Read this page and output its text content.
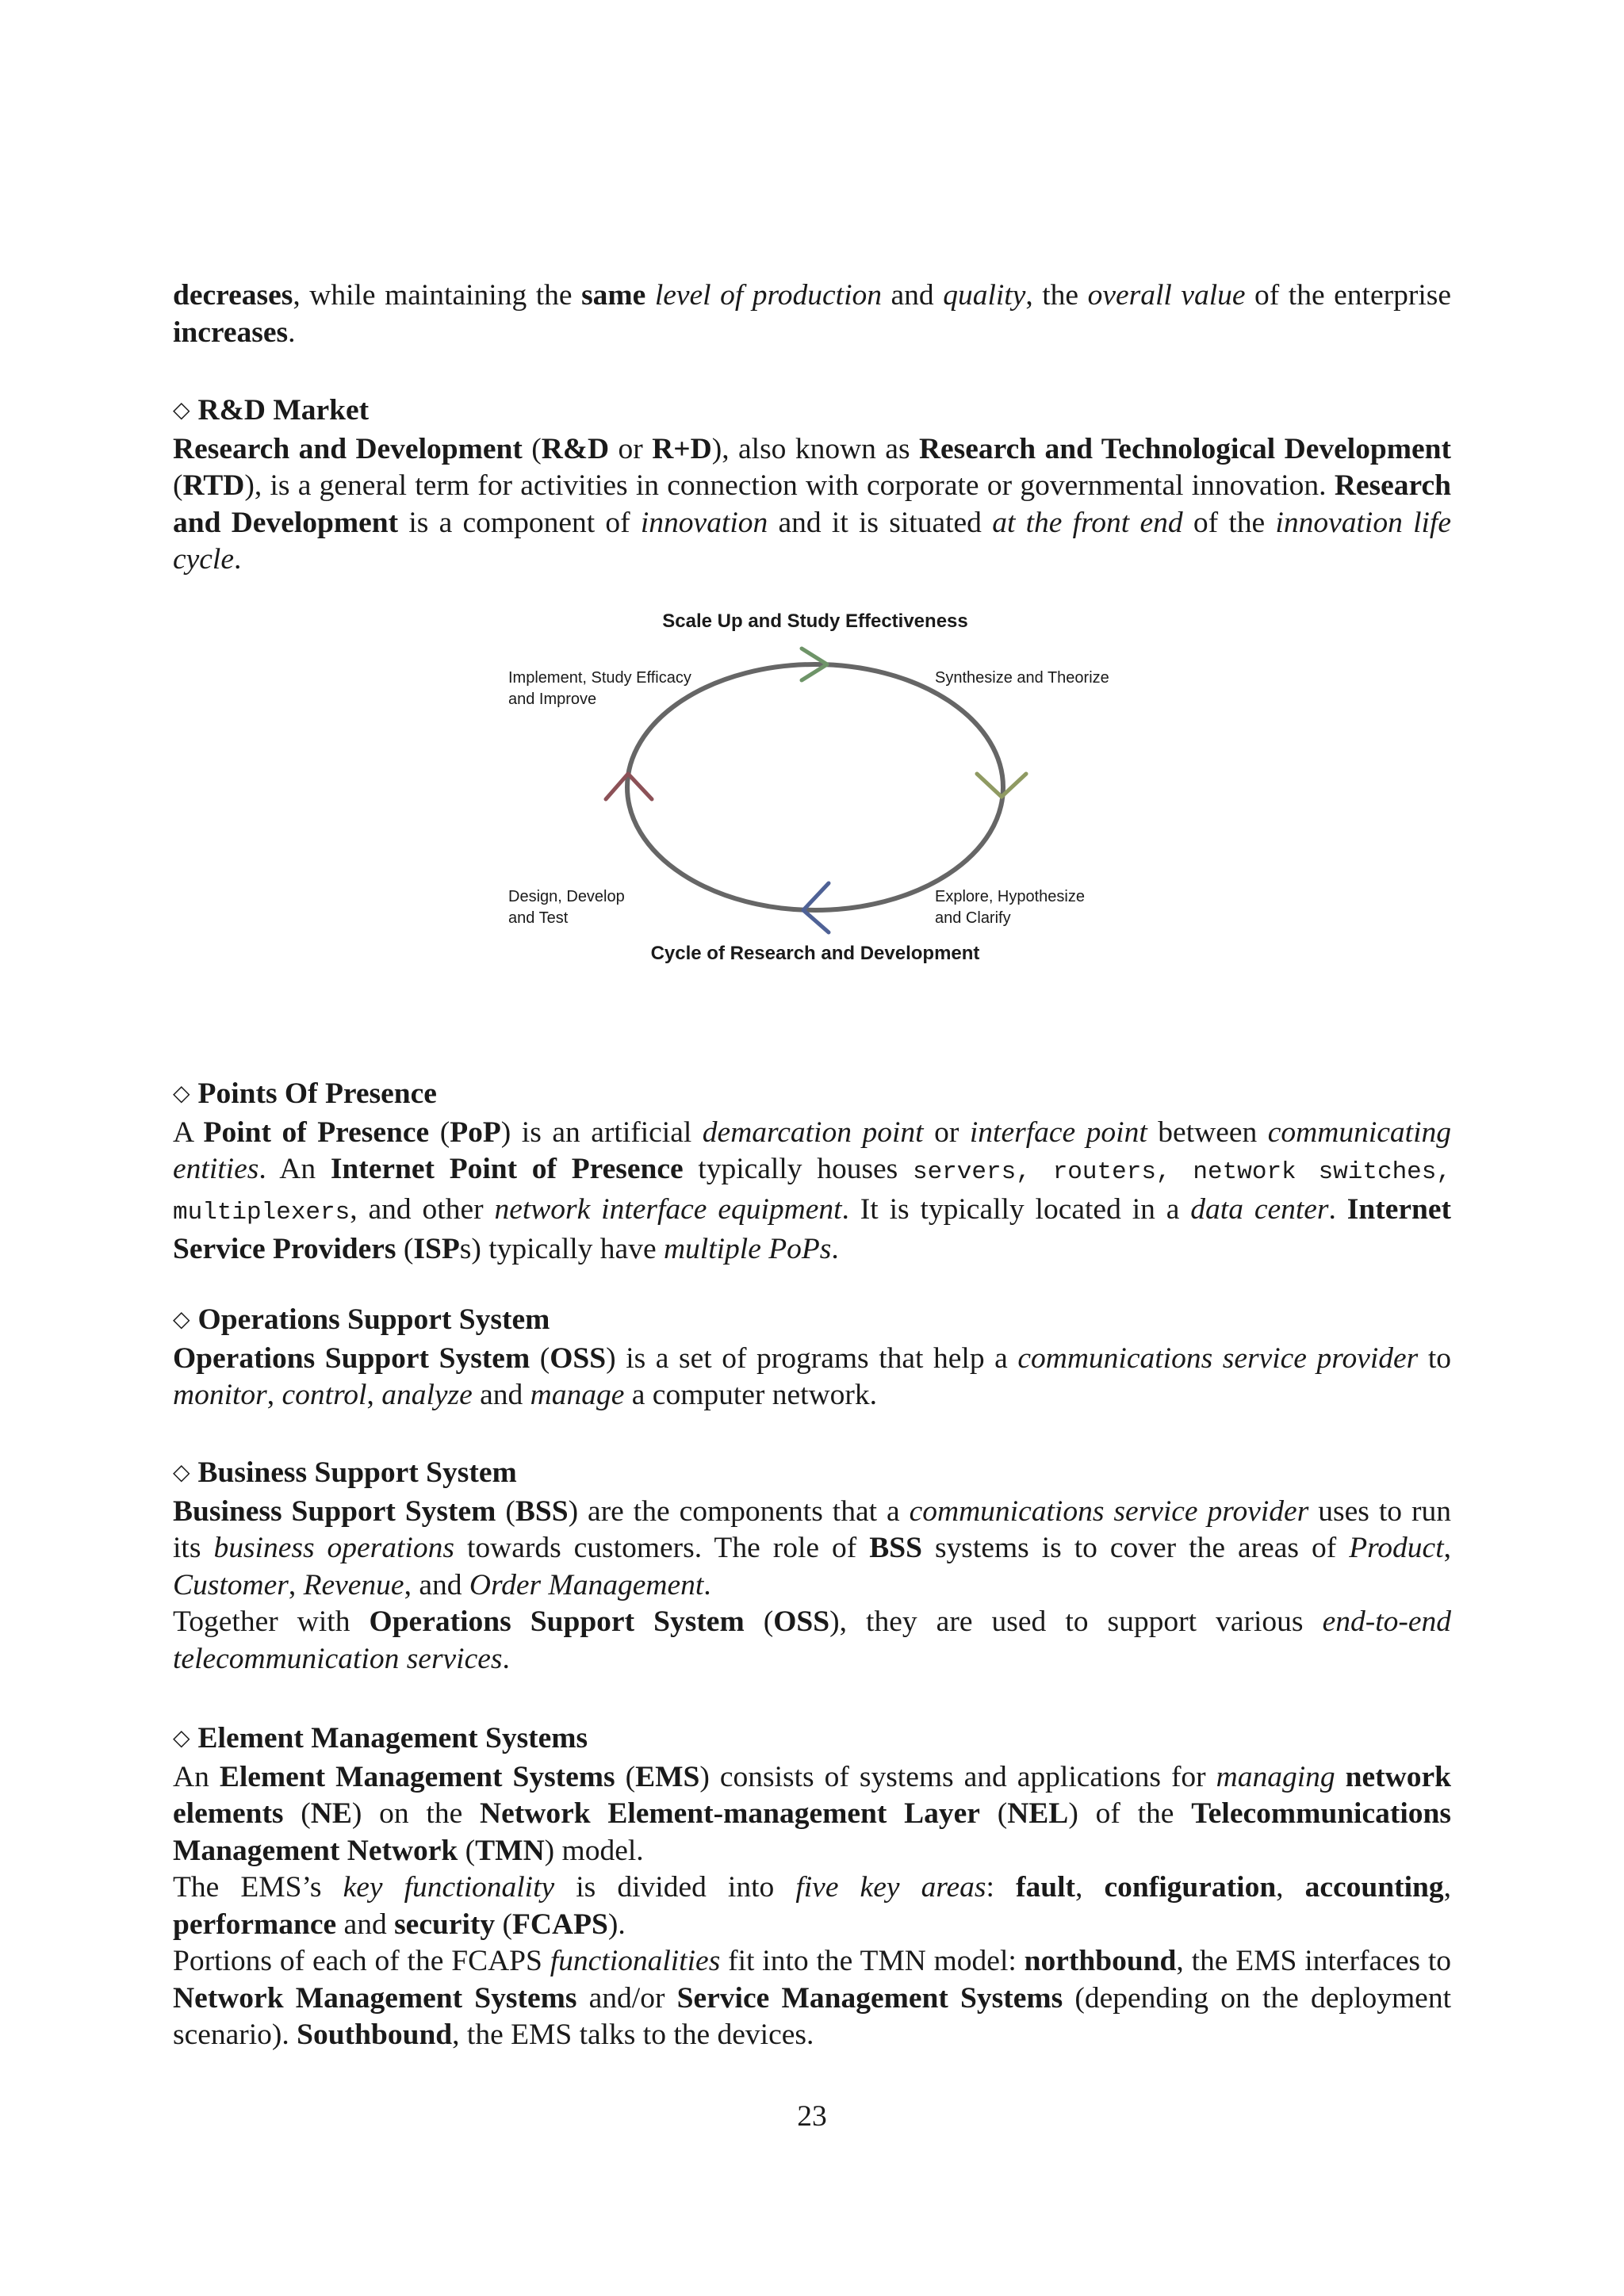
decreases, while maintaining the same level of production and quality, the overall value of the enterprise increases.

◇ R&D Market

Research and Development (R&D or R+D), also known as Research and Technological Development (RTD), is a general term for activities in connection with corporate or governmental innovation. Research and Development is a component of innovation and it is situated at the front end of the innovation life cycle.

Scale Up and Study Effectiveness
Implement, Study Efficacy
and Improve
Synthesize and Theorize
Design, Develop
and Test
Explore, Hypothesize
and Clarify
Cycle of Research and Development

◇ Points Of Presence

A Point of Presence (PoP) is an artificial demarcation point or interface point between communicating entities. An Internet Point of Presence typically houses servers, routers, network switches, multiplexers, and other network interface equipment. It is typically located in a data center. Internet Service Providers (ISPs) typically have multiple PoPs.

◇ Operations Support System

Operations Support System (OSS) is a set of programs that help a communications service provider to monitor, control, analyze and manage a computer network.

◇ Business Support System

Business Support System (BSS) are the components that a communications service provider uses to run its business operations towards customers. The role of BSS systems is to cover the areas of Product, Customer, Revenue, and Order Management.

Together with Operations Support System (OSS), they are used to support various end-to-end telecommunication services.

◇ Element Management Systems

An Element Management Systems (EMS) consists of systems and applications for managing network elements (NE) on the Network Element-management Layer (NEL) of the Telecommunications Management Network (TMN) model.

The EMS’s key functionality is divided into five key areas: fault, configuration, accounting, performance and security (FCAPS).

Portions of each of the FCAPS functionalities fit into the TMN model: northbound, the EMS interfaces to Network Management Systems and/or Service Management Systems (depending on the deployment scenario). Southbound, the EMS talks to the devices.

23
